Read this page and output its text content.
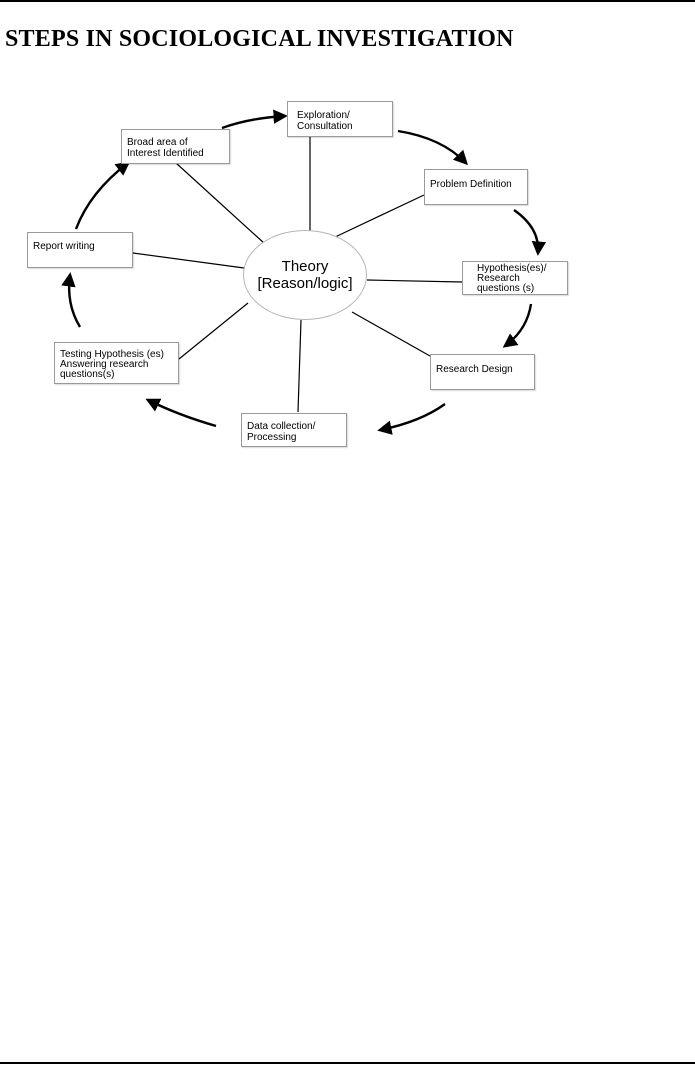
STEPS IN SOCIOLOGICAL INVESTIGATION
Theory
[Reason/logic]
Broad area of
Interest Identified
Exploration/
Consultation
Problem Definition
Hypothesis(es)/
Research
questions (s)
Research Design
Data collection/
Processing
Testing Hypothesis (es)
Answering research
questions(s)
Report writing
